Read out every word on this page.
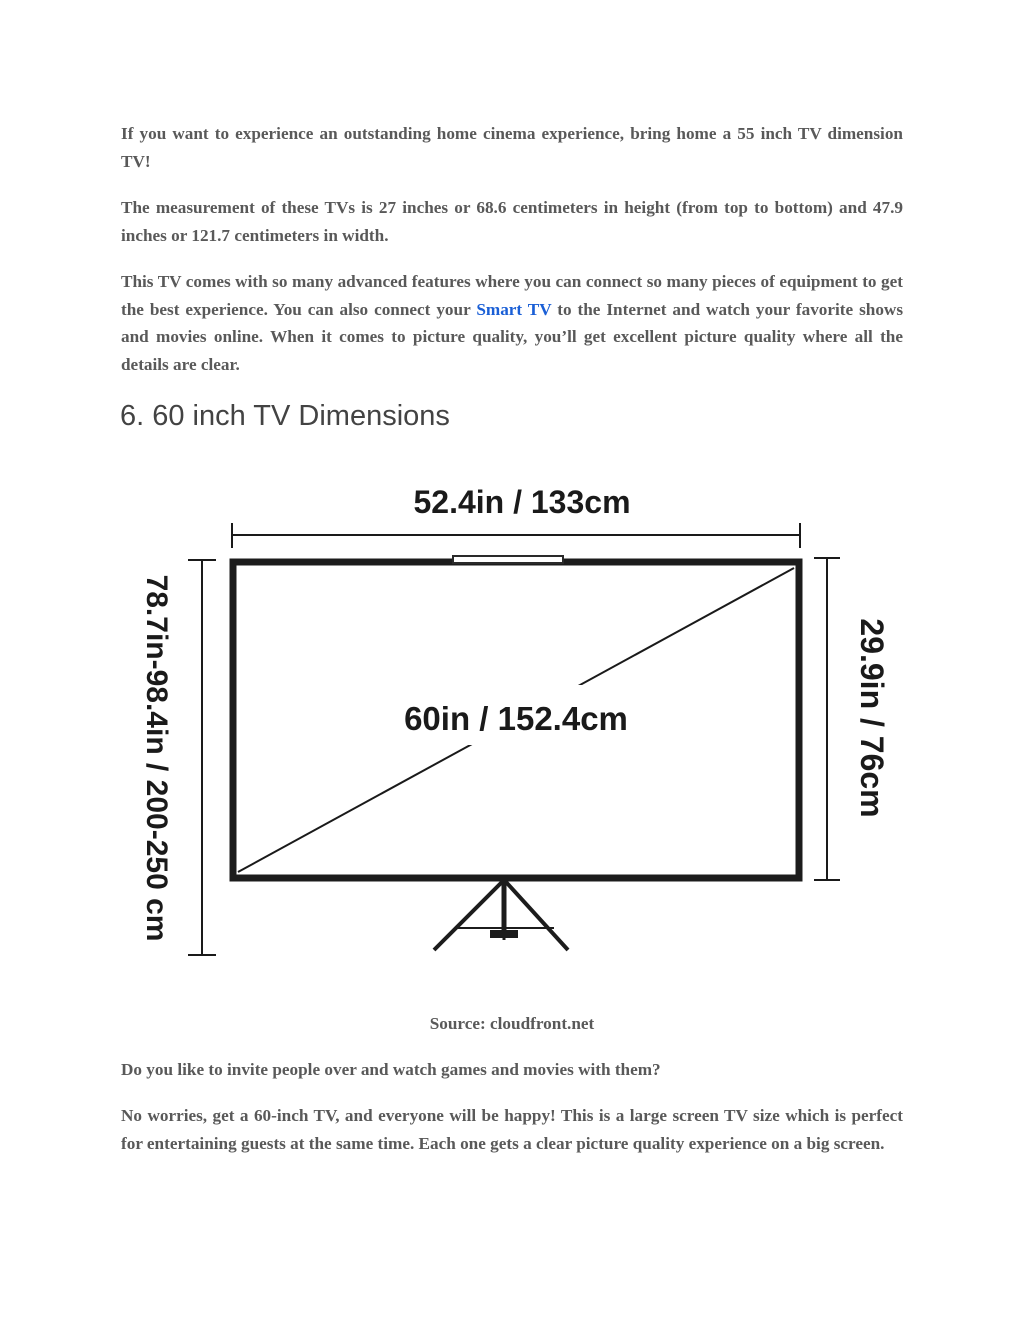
If you want to experience an outstanding home cinema experience, bring home a 55 inch TV dimension TV!

The measurement of these TVs is 27 inches or 68.6 centimeters in height (from top to bottom) and 47.9 inches or 121.7 centimeters in width.

This TV comes with so many advanced features where you can connect so many pieces of equipment to get the best experience. You can also connect your Smart TV to the Internet and watch your favorite shows and movies online. When it comes to picture quality, you’ll get excellent picture quality where all the details are clear.

6. 60 inch TV Dimensions
52.4in / 133cm
60in / 152.4cm	29.9in / 76cm
78.7in-98.4in / 200-250 cm

Source: cloudfront.net

Do you like to invite people over and watch games and movies with them?

No worries, get a 60-inch TV, and everyone will be happy! This is a large screen TV size which is perfect for entertaining guests at the same time. Each one gets a clear picture quality experience on a big screen.
